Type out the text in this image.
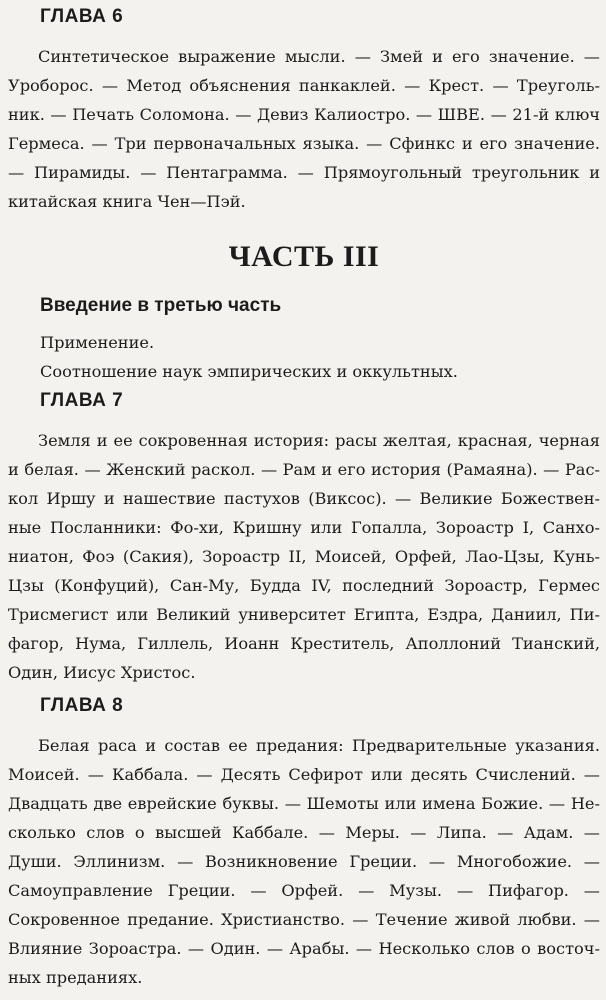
ГЛАВА 6

Синтетическое выражение мысли. — Змей и его значение. — Уроборос. — Метод объяснения панкаклей. — Крест. — Треугольник. — Печать Соломона. — Девиз Калиостро. — ШВЕ. — 21-й ключ Гермеса. — Три первоначальных языка. — Сфинкс и его значение. — Пирамиды. — Пентаграмма. — Прямоугольный треугольник и китайская книга Чен—Пэй.

ЧАСТЬ III
Введение в третью часть
Применение.
Соотношение наук эмпирических и оккультных.
ГЛАВА 7

Земля и ее сокровенная история: расы желтая, красная, черная и белая. — Женский раскол. — Рам и его история (Рамаяна). — Раскол Иршу и нашествие пастухов (Виксос). — Великие Божественные Посланники: Фо-хи, Кришну или Гопалла, Зороастр I, Санхониатон, Фоэ (Сакия), Зороастр II, Моисей, Орфей, Лао-Цзы, Кунь-Цзы (Конфуций), Сан-Му, Будда IV, последний Зороастр, Гермес Трисмегист или Великий университет Египта, Ездра, Даниил, Пифагор, Нума, Гиллель, Иоанн Креститель, Аполлоний Тианский, Один, Иисус Христос.

ГЛАВА 8

Белая раса и состав ее предания: Предварительные указания. Моисей. — Каббала. — Десять Сефирот или десять Счислений. — Двадцать две еврейские буквы. — Шемоты или имена Божие. — Несколько слов о высшей Каббале. — Меры. — Липа. — Адам. — Души. Эллинизм. — Возникновение Греции. — Многобожие. — Самоуправление Греции. — Орфей. — Музы. — Пифагор. — Сокровенное предание. Христианство. — Течение живой любви. — Влияние Зороастра. — Один. — Арабы. — Несколько слов о восточных преданиях.
